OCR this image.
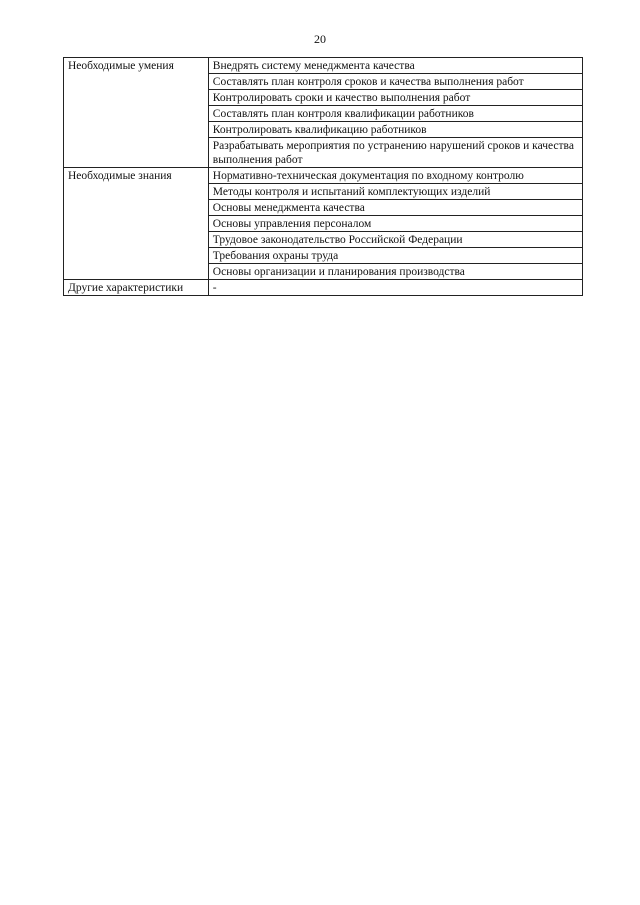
20
Необходимые умения	Внедрять систему менеджмента качества
	Составлять план контроля сроков и качества выполнения работ
	Контролировать сроки и качество выполнения работ
	Составлять план контроля квалификации работников
	Контролировать квалификацию работников
	Разрабатывать мероприятия по устранению нарушений сроков и качества выполнения работ
Необходимые знания	Нормативно-техническая документация по входному контролю
	Методы контроля и испытаний комплектующих изделий
	Основы менеджмента качества
	Основы управления персоналом
	Трудовое законодательство Российской Федерации
	Требования охраны труда
	Основы организации и планирования производства
Другие характеристики	-
